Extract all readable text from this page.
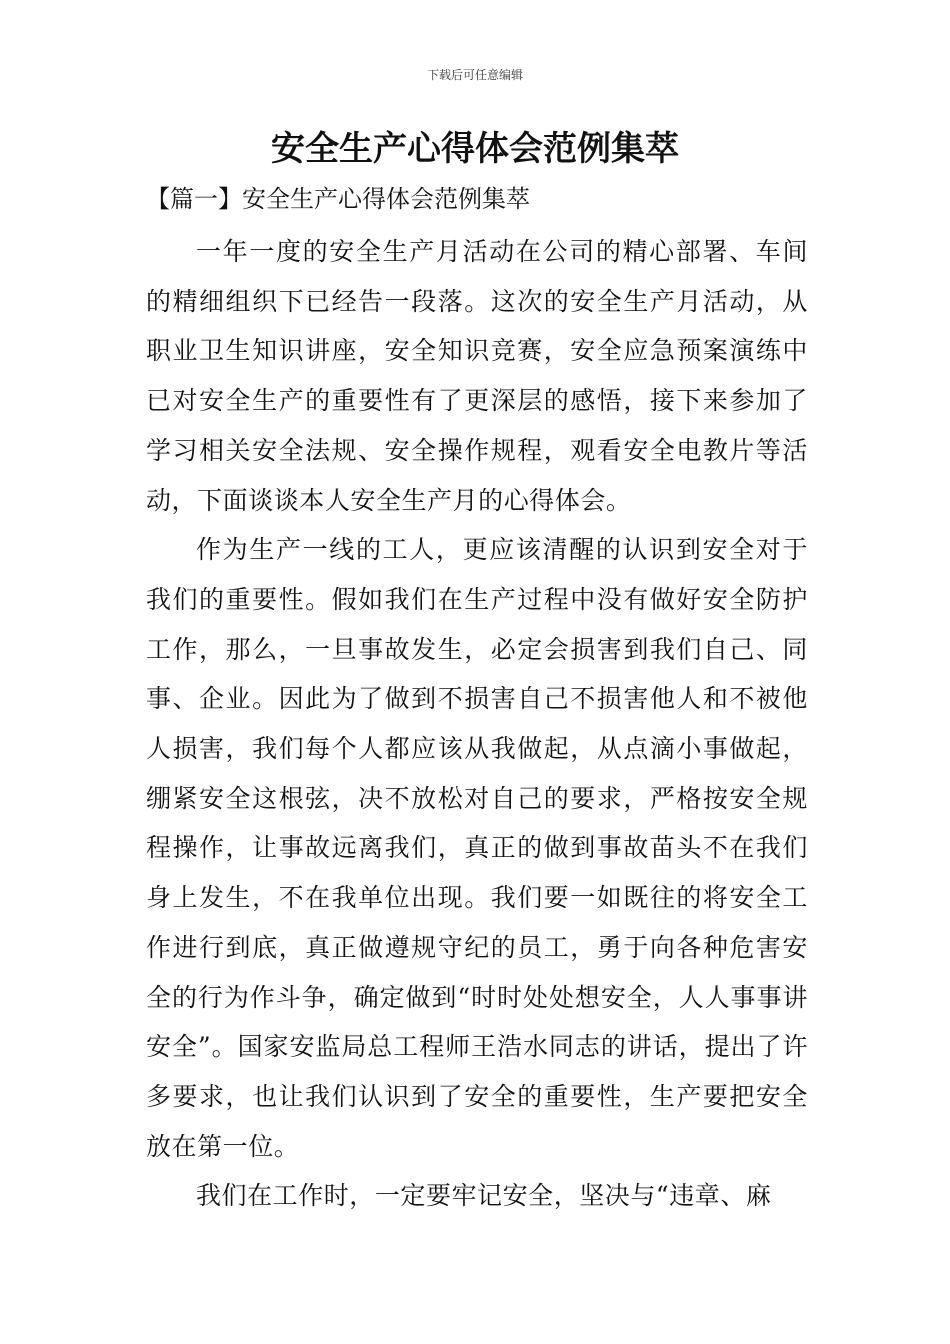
下载后可任意编辑
安全生产心得体会范例集萃
【篇一】安全生产心得体会范例集萃

一年一度的安全生产月活动在公司的精心部署、车间的精细组织下已经告一段落。这次的安全生产月活动，从职业卫生知识讲座，安全知识竞赛，安全应急预案演练中已对安全生产的重要性有了更深层的感悟，接下来参加了学习相关安全法规、安全操作规程，观看安全电教片等活动，下面谈谈本人安全生产月的心得体会。

作为生产一线的工人，更应该清醒的认识到安全对于我们的重要性。假如我们在生产过程中没有做好安全防护工作，那么，一旦事故发生，必定会损害到我们自己、同事、企业。因此为了做到不损害自己不损害他人和不被他人损害，我们每个人都应该从我做起，从点滴小事做起，绷紧安全这根弦，决不放松对自己的要求，严格按安全规程操作，让事故远离我们，真正的做到事故苗头不在我们身上发生，不在我单位出现。我们要一如既往的将安全工作进行到底，真正做遵规守纪的员工，勇于向各种危害安全的行为作斗争，确定做到“时时处处想安全，人人事事讲安全”。国家安监局总工程师王浩水同志的讲话，提出了许多要求，也让我们认识到了安全的重要性，生产要把安全放在第一位。

我们在工作时，一定要牢记安全，坚决与“违章、麻
